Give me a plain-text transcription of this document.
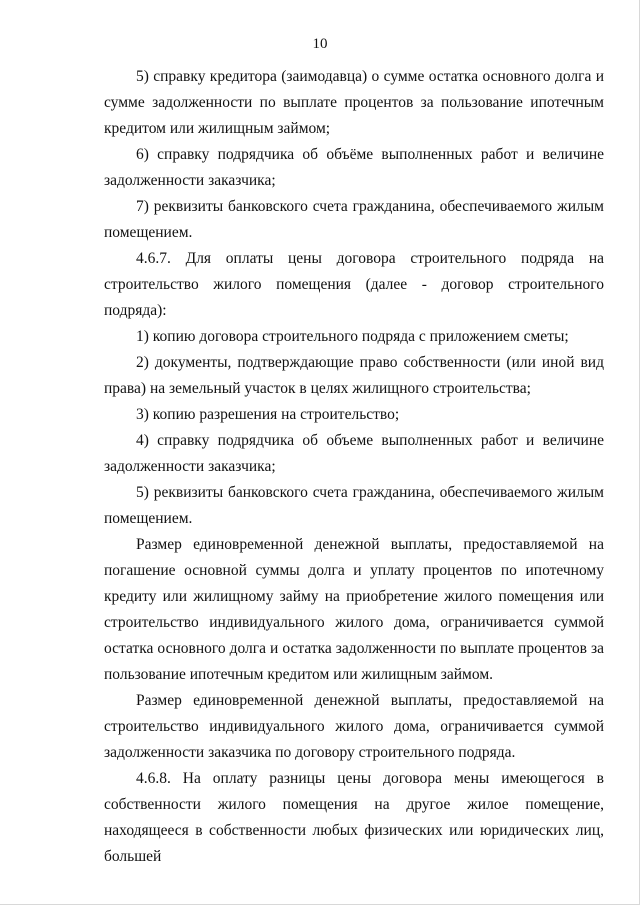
10

5) справку кредитора (заимодавца) о сумме остатка основного долга и сумме задолженности по выплате процентов за пользование ипотечным кредитом или жилищным займом;

6) справку подрядчика об объёме выполненных работ и величине задолженности заказчика;

7) реквизиты банковского счета гражданина, обеспечиваемого жилым помещением.

4.6.7. Для оплаты цены договора строительного подряда на строительство жилого помещения (далее - договор строительного подряда):

1) копию договора строительного подряда с приложением сметы;

2) документы, подтверждающие право собственности (или иной вид права) на земельный участок в целях жилищного строительства;

3) копию разрешения на строительство;

4) справку подрядчика об объеме выполненных работ и величине задолженности заказчика;

5) реквизиты банковского счета гражданина, обеспечиваемого жилым помещением.

Размер единовременной денежной выплаты, предоставляемой на погашение основной суммы долга и уплату процентов по ипотечному кредиту или жилищному займу на приобретение жилого помещения или строительство индивидуального жилого дома, ограничивается суммой остатка основного долга и остатка задолженности по выплате процентов за пользование ипотечным кредитом или жилищным займом.

Размер единовременной денежной выплаты, предоставляемой на строительство индивидуального жилого дома, ограничивается суммой задолженности заказчика по договору строительного подряда.

4.6.8. На оплату разницы цены договора мены имеющегося в собственности жилого помещения на другое жилое помещение, находящееся в собственности любых физических или юридических лиц, большей
